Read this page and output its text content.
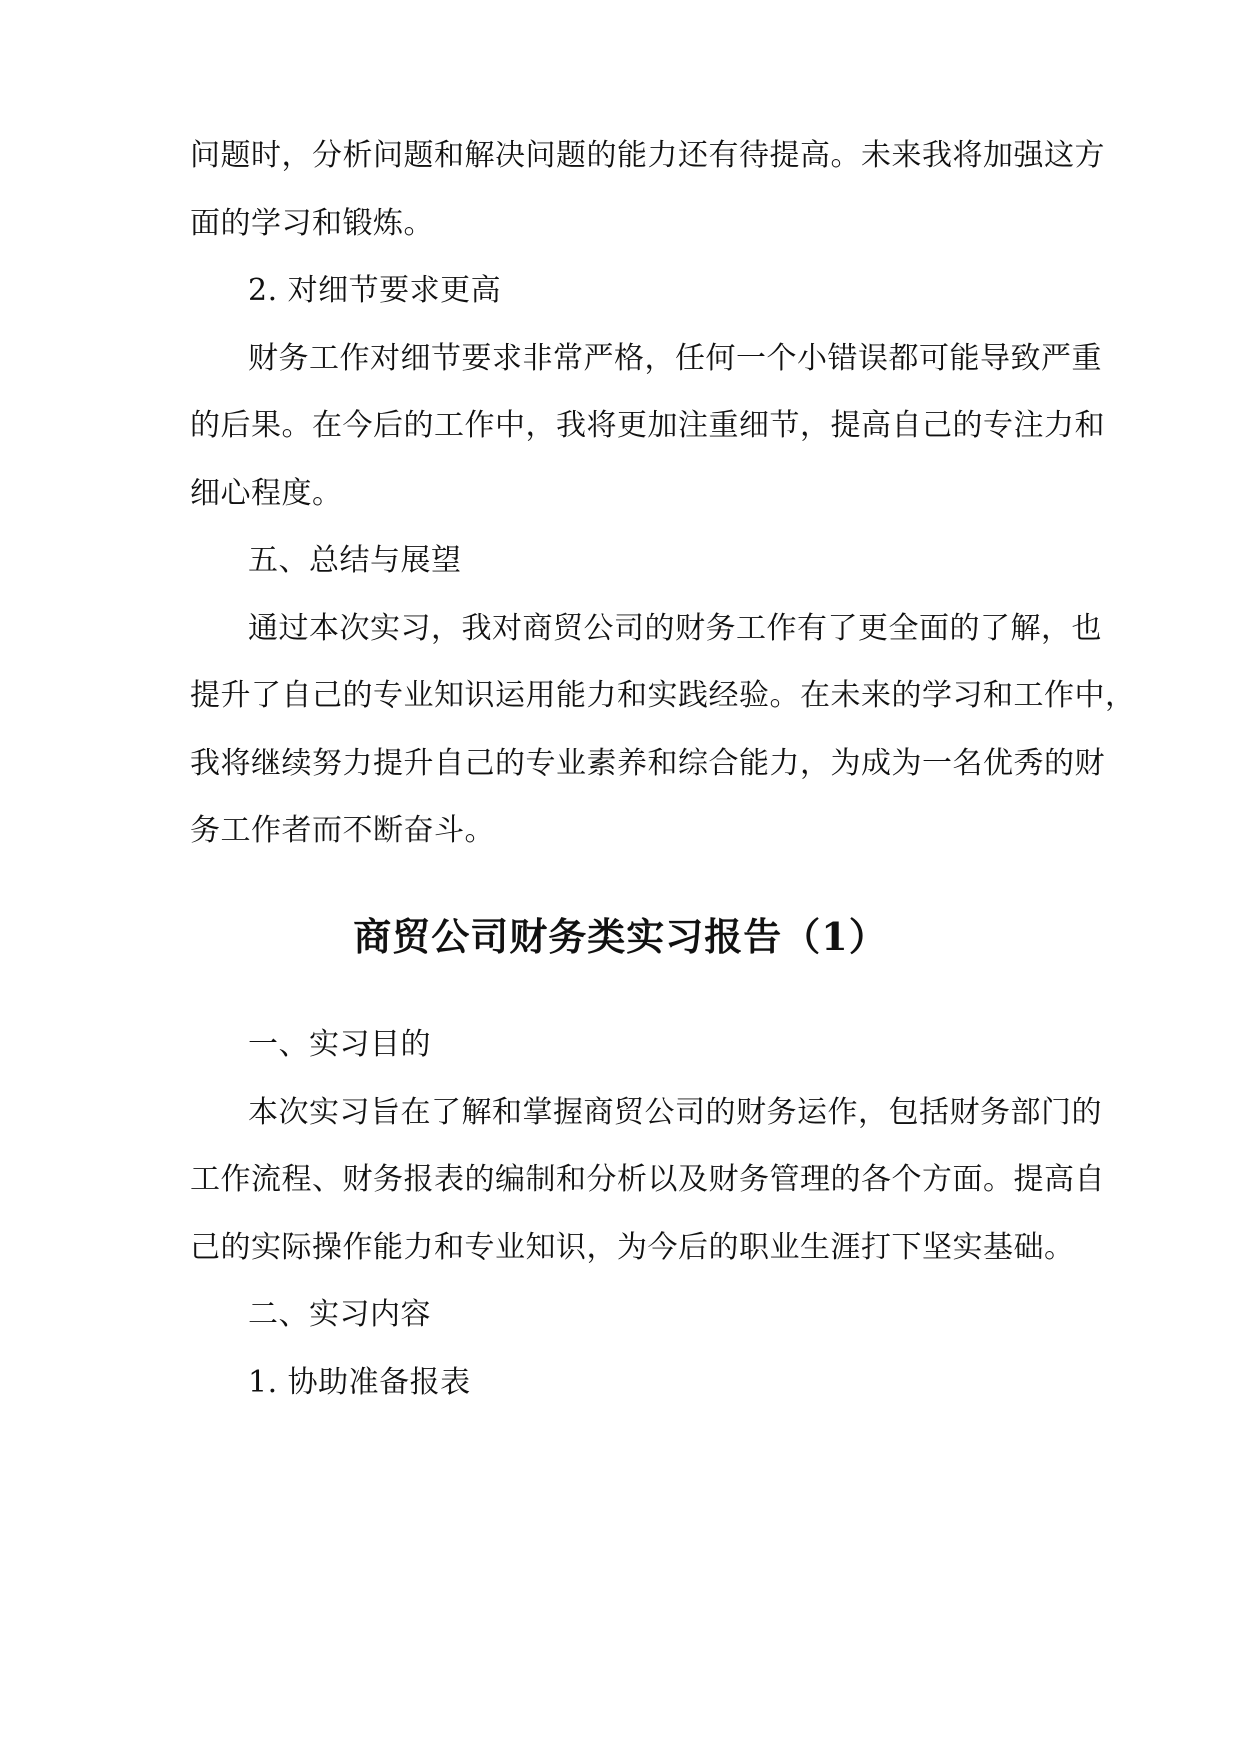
问题时，分析问题和解决问题的能力还有待提高。未来我将加强这方
面的学习和锻炼。
2. 对细节要求更高
财务工作对细节要求非常严格，任何一个小错误都可能导致严重
的后果。在今后的工作中，我将更加注重细节，提高自己的专注力和
细心程度。
五、总结与展望
通过本次实习，我对商贸公司的财务工作有了更全面的了解，也
提升了自己的专业知识运用能力和实践经验。在未来的学习和工作中，
我将继续努力提升自己的专业素养和综合能力，为成为一名优秀的财
务工作者而不断奋斗。
商贸公司财务类实习报告（1）
一、实习目的
本次实习旨在了解和掌握商贸公司的财务运作，包括财务部门的
工作流程、财务报表的编制和分析以及财务管理的各个方面。提高自
己的实际操作能力和专业知识，为今后的职业生涯打下坚实基础。
二、实习内容
1. 协助准备报表
